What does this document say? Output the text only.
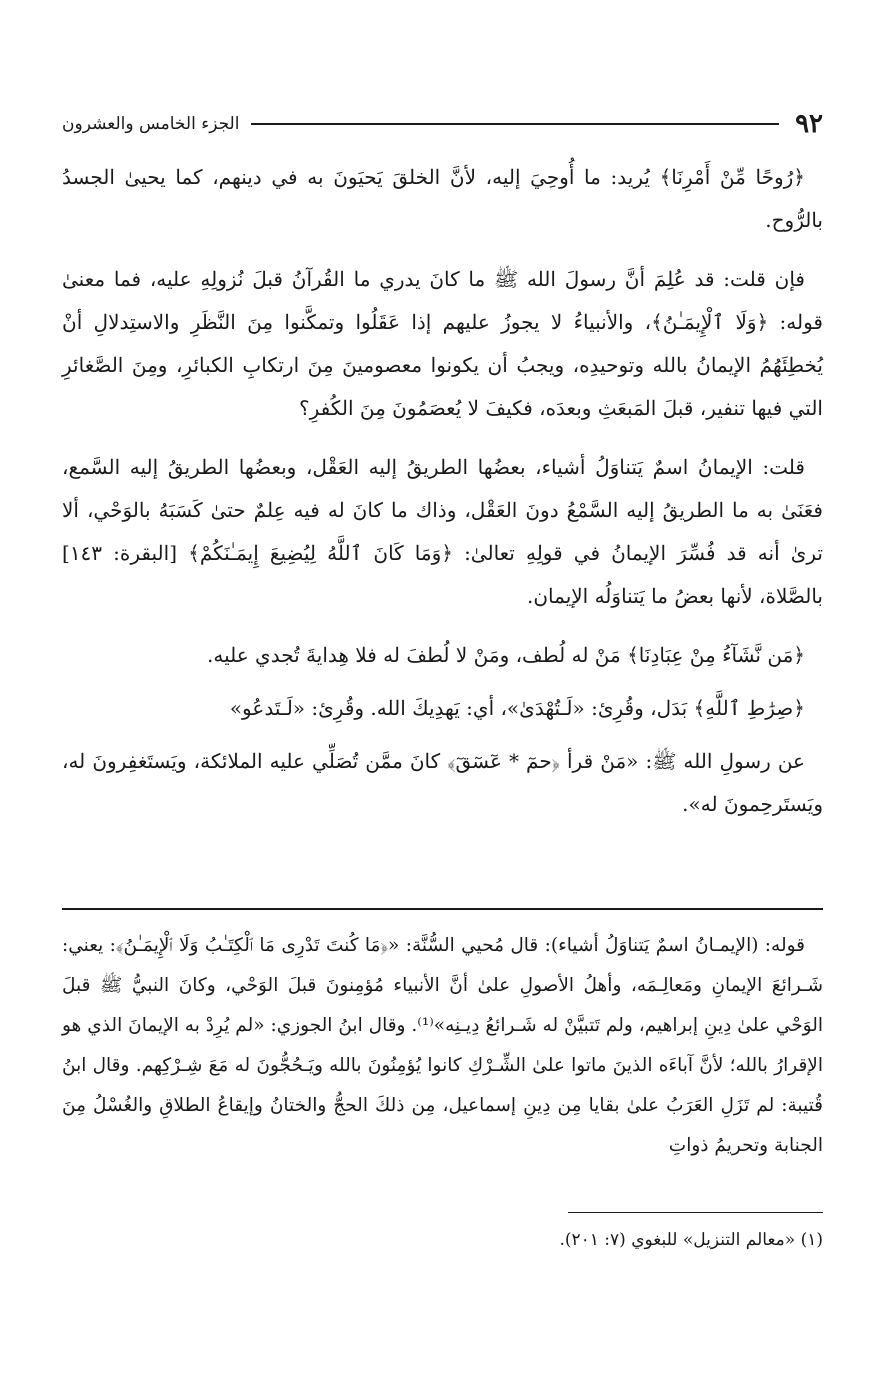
٩٢
الجزء الخامس والعشرون

﴿رُوحًا مِّنْ أَمْرِنَا﴾ يُريد: ما أُوحِيَ إليه، لأنَّ الخلقَ يَحيَونَ به في دينهم، كما يحيىٰ الجسدُ بالرُّوح.

فإن قلت: قد عُلِمَ أنَّ رسولَ الله ﷺ ما كانَ يدري ما القُرآنُ قبلَ نُزولِهِ عليه، فما معنىٰ قوله: ﴿وَلَا ٱلْإِيمَـٰنُ﴾، والأنبياءُ لا يجوزُ عليهم إذا عَقَلُوا وتمكَّنوا مِنَ النَّظَرِ والاستِدلالِ أنْ يُخطِئَهُمُ الإيمانُ بالله وتوحيدِه، ويجبُ أن يكونوا معصومينَ مِنَ ارتكابِ الكبائرِ، ومِنَ الصَّغائرِ التي فيها تنفير، قبلَ المَبعَثِ وبعدَه، فكيفَ لا يُعصَمُونَ مِنَ الكُفرِ؟

قلت: الإيمانُ اسمٌ يَتناوَلُ أشياء، بعضُها الطريقُ إليه العَقْل، وبعضُها الطريقُ إليه السَّمع، فعَنَىٰ به ما الطريقُ إليه السَّمْعُ دونَ العَقْل، وذاك ما كانَ له فيه عِلمٌ حتىٰ كَسَبَهُ بالوَحْي، ألا ترىٰ أنه قد فُسِّرَ الإيمانُ في قولِهِ تعالىٰ: ﴿وَمَا كَانَ ٱللَّهُ لِيُضِيعَ إِيمَـٰنَكُمْ﴾ [البقرة: ١٤٣] بالصَّلاة، لأنها بعضُ ما يَتناوَلُه الإيمان.

﴿مَن نَّشَآءُ مِنْ عِبَادِنَا﴾ مَنْ له لُطف، ومَنْ لا لُطفَ له فلا هِدايةَ تُجدي عليه.

﴿صِرَٰطِ ٱللَّهِ﴾ بَدَل، وقُرِئ: «لَـتُهْدَىٰ»، أي: يَهدِيكَ الله. وقُرِئ: «لَـتَدعُو»

عن رسولِ الله ﷺ: «مَنْ قرأ ﴿حمٓ * عٓسٓقٓ﴾ كانَ ممَّن تُصَلِّي عليه الملائكة، ويَستَغفِرونَ له، ويَستَرحِمونَ له».

قوله: (الإيمـانُ اسمٌ يَتناوَلُ أشياء): قال مُحيي السُّنَّة: «﴿مَا كُنتَ تَدْرِى مَا ٱلْكِتَـٰبُ وَلَا ٱلْإِيمَـٰنُ﴾: يعني: شَـرائعَ الإيمانِ ومَعالِـمَه، وأهلُ الأصولِ علىٰ أنَّ الأنبياء مُؤمِنونَ قبلَ الوَحْي، وكانَ النبيُّ ﷺ قبلَ الوَحْي علىٰ دِينِ إبراهيم، ولم تَتبيَّنْ له شَـرائعُ دِيـنِه»⁽¹⁾. وقال ابنُ الجوزي: «لم يُرِدْ به الإيمانَ الذي هو الإقرارُ بالله؛ لأنَّ آباءَه الذينَ ماتوا علىٰ الشِّـرْكِ كانوا يُؤمِنُونَ بالله ويَـحُجُّونَ له مَعَ شِـرْكِهم. وقال ابنُ قُتيبة: لم تَزَلِ العَرَبُ علىٰ بقايا مِن دِينِ إسماعيل، مِن ذلكَ الحجُّ والختانُ وإيقاعُ الطلاقِ والغُسْلُ مِنَ الجنابة وتحريمُ ذواتِ

(١) «معالم التنزيل» للبغوي (٧: ٢٠١).
